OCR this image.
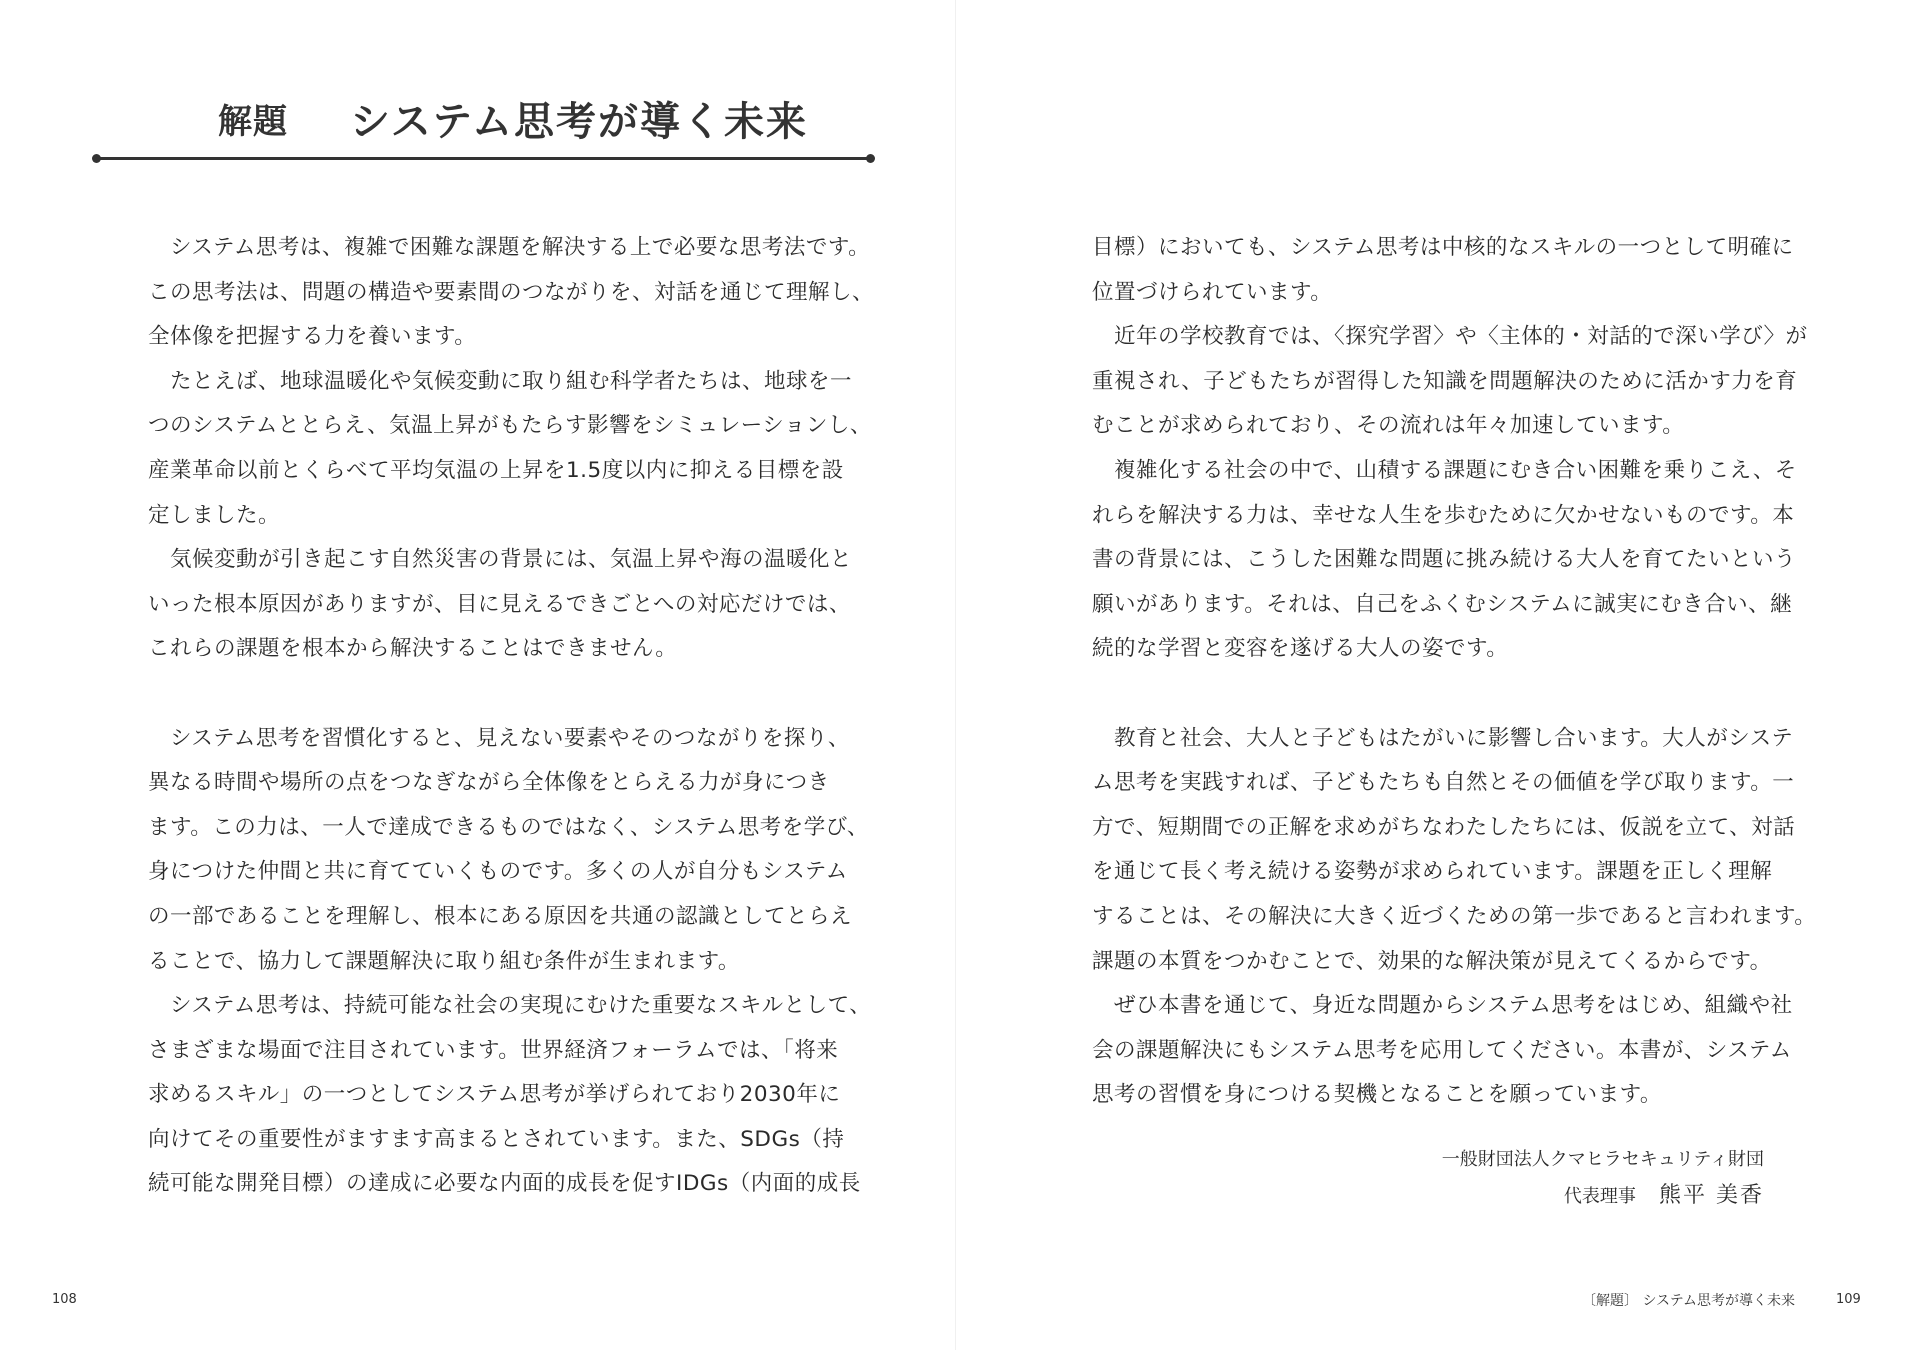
解題 システム思考が導く未来
　システム思考は、複雑で困難な課題を解決する上で必要な思考法です。
この思考法は、問題の構造や要素間のつながりを、対話を通じて理解し、
全体像を把握する力を養います。
　たとえば、地球温暖化や気候変動に取り組む科学者たちは、地球を一
つのシステムととらえ、気温上昇がもたらす影響をシミュレーションし、
産業革命以前とくらべて平均気温の上昇を1.5度以内に抑える目標を設
定しました。
　気候変動が引き起こす自然災害の背景には、気温上昇や海の温暖化と
いった根本原因がありますが、目に見えるできごとへの対応だけでは、
これらの課題を根本から解決することはできません。
　システム思考を習慣化すると、見えない要素やそのつながりを探り、
異なる時間や場所の点をつなぎながら全体像をとらえる力が身につき
ます。この力は、一人で達成できるものではなく、システム思考を学び、
身につけた仲間と共に育てていくものです。多くの人が自分もシステム
の一部であることを理解し、根本にある原因を共通の認識としてとらえ
ることで、協力して課題解決に取り組む条件が生まれます。
　システム思考は、持続可能な社会の実現にむけた重要なスキルとして、
さまざまな場面で注目されています。世界経済フォーラムでは、「将来
求めるスキル」の一つとしてシステム思考が挙げられており2030年に
向けてその重要性がますます高まるとされています。また、SDGs（持
続可能な開発目標）の達成に必要な内面的成長を促すIDGs（内面的成長
108
目標）においても、システム思考は中核的なスキルの一つとして明確に
位置づけられています。
　近年の学校教育では、〈探究学習〉や〈主体的・対話的で深い学び〉が
重視され、子どもたちが習得した知識を問題解決のために活かす力を育
むことが求められており、その流れは年々加速しています。
　複雑化する社会の中で、山積する課題にむき合い困難を乗りこえ、そ
れらを解決する力は、幸せな人生を歩むために欠かせないものです。本
書の背景には、こうした困難な問題に挑み続ける大人を育てたいという
願いがあります。それは、自己をふくむシステムに誠実にむき合い、継
続的な学習と変容を遂げる大人の姿です。
　教育と社会、大人と子どもはたがいに影響し合います。大人がシステ
ム思考を実践すれば、子どもたちも自然とその価値を学び取ります。一
方で、短期間での正解を求めがちなわたしたちには、仮説を立て、対話
を通じて長く考え続ける姿勢が求められています。課題を正しく理解
することは、その解決に大きく近づくための第一歩であると言われます。
課題の本質をつかむことで、効果的な解決策が見えてくるからです。
　ぜひ本書を通じて、身近な問題からシステム思考をはじめ、組織や社
会の課題解決にもシステム思考を応用してください。本書が、システム
思考の習慣を身につける契機となることを願っています。
一般財団法人クマヒラセキュリティ財団
代表理事 熊平 美香
〔解題〕 システム思考が導く未来	109
